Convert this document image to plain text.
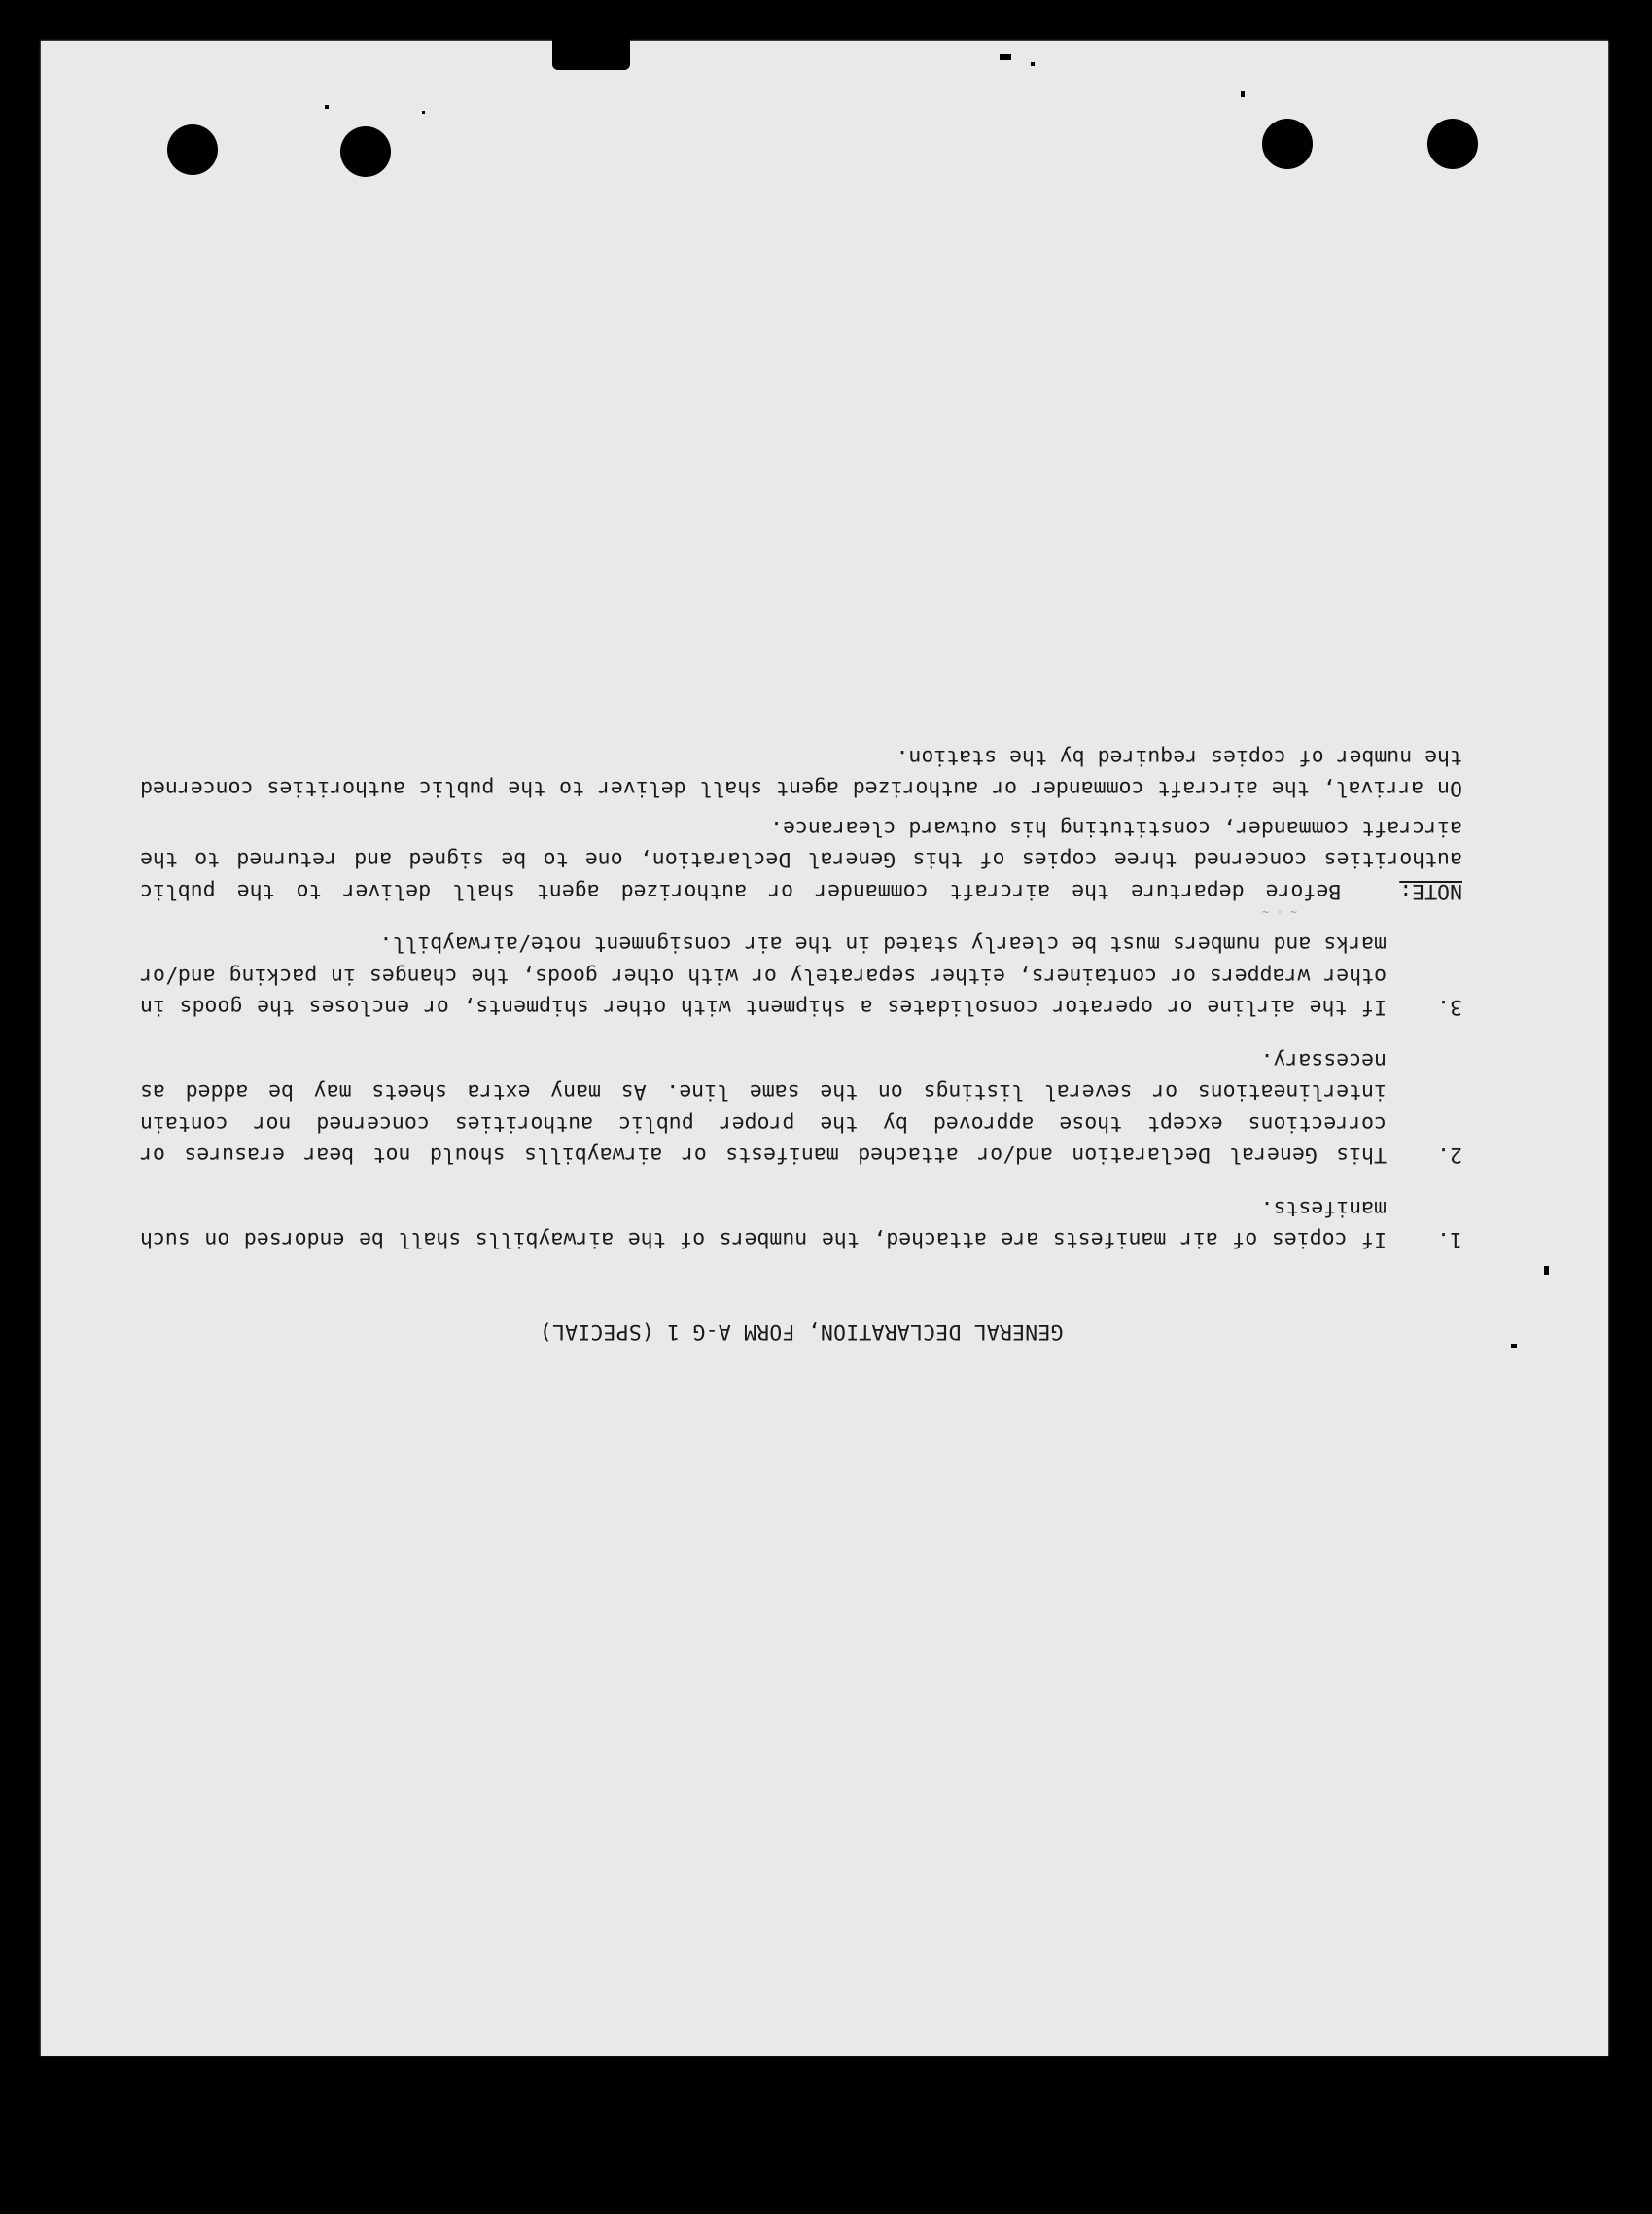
~ ◦ ~
GENERAL DECLARATION, FORM A-G 1 (SPECIAL)
1.
If copies of air manifests are attached, the numbers of the airwaybills shall be endorsed on such manifests.
2.
This General Declaration and/or attached manifests or airwaybills should not bear erasures or corrections except those approved by the proper public authorities concerned nor contain interlineations or several listings on the same line. As many extra sheets may be added as necessary.
3.
If the airline or operator consolidates a shipment with other shipments, or encloses the goods in other wrappers or containers, either separately or with other goods, the changes in packing and/or marks and numbers must be clearly stated in the air consignment note/airwaybill.
NOTE:Before departure the aircraft commander or authorized agent shall deliver to the public authorities concerned three copies of this General Declaration, one to be signed and returned to the aircraft commander, constituting his outward clearance.
On arrival, the aircraft commander or authorized agent shall deliver to the public authorities concerned the number of copies required by the station.
